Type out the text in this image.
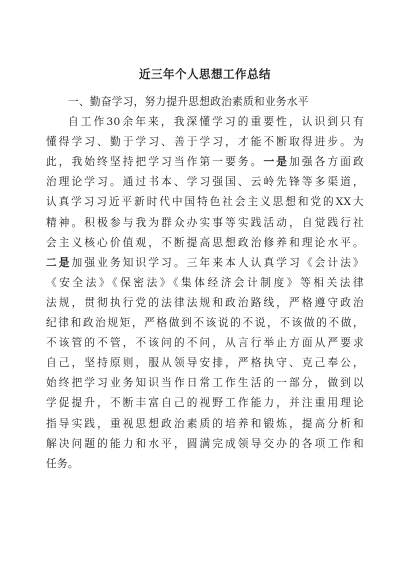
近三年个人思想工作总结
一、勤奋学习，努力提升思想政治素质和业务水平
自工作30余年来，我深懂学习的重要性，认识到只有
懂得学习、勤于学习、善于学习，才能不断取得进步。为
此，我始终坚持把学习当作第一要务。一是加强各方面政
治理论学习。通过书本、学习强国、云岭先锋等多渠道，
认真学习习近平新时代中国特色社会主义思想和党的XX大
精神。积极参与我为群众办实事等实践活动，自觉践行社
会主义核心价值观，不断提高思想政治修养和理论水平。
二是加强业务知识学习。三年来本人认真学习《会计法》
《安全法》《保密法》《集体经济会计制度》等相关法律
法规，贯彻执行党的法律法规和政治路线，严格遵守政治
纪律和政治规矩，严格做到不该说的不说，不该做的不做，
不该管的不管，不该问的不问，从言行举止方面从严要求
自己，坚持原则，服从领导安排，严格执守、克己奉公，
始终把学习业务知识当作日常工作生活的一部分，做到以
学促提升，不断丰富自己的视野工作能力，并注重用理论
指导实践，重视思想政治素质的培养和锻炼，提高分析和
解决问题的能力和水平，圆满完成领导交办的各项工作和
任务。
